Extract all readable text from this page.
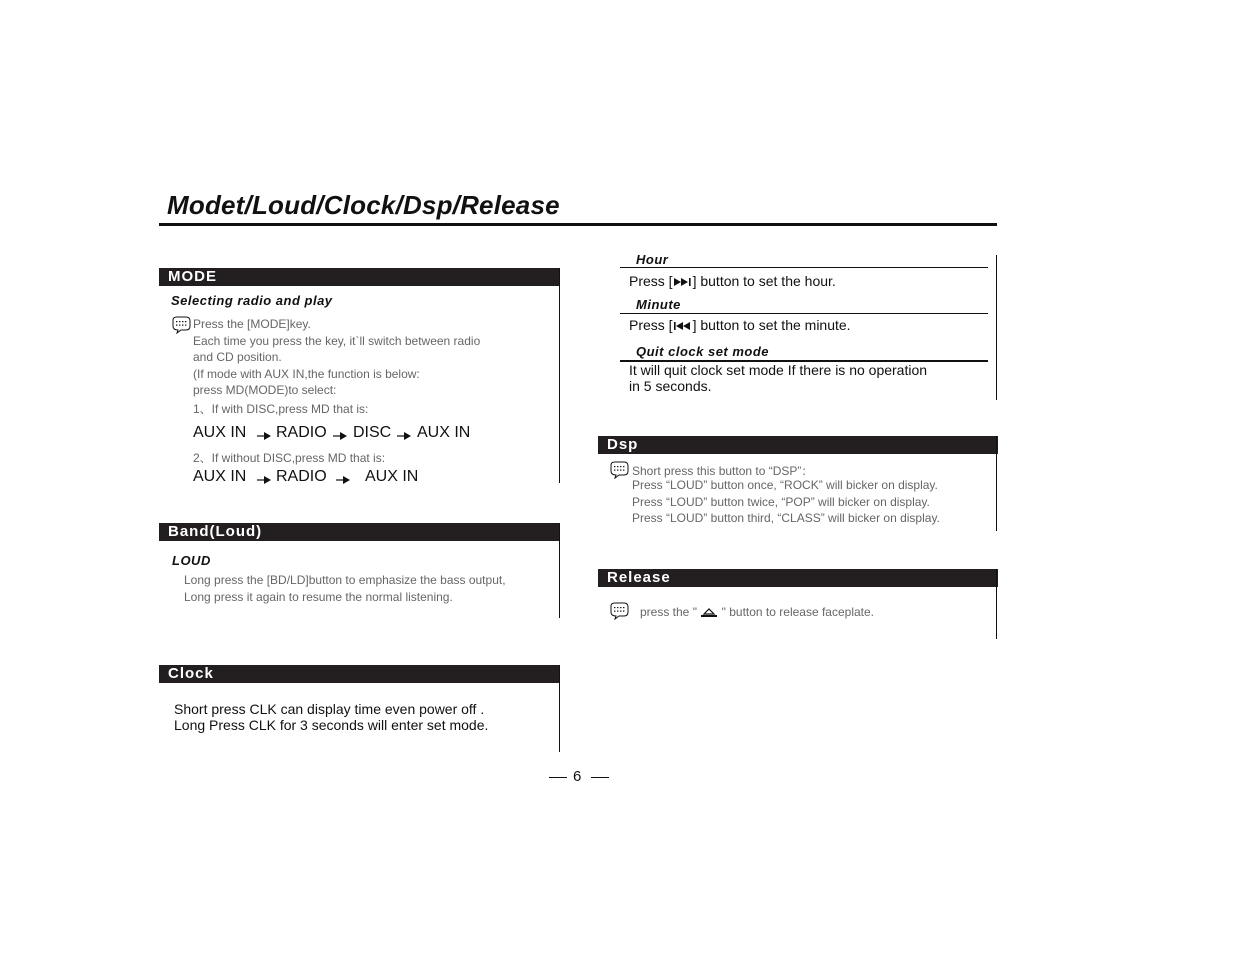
Modet/Loud/Clock/Dsp/Release
MODE
Selecting radio and play
Press the [MODE]key.
Each time you press the key, it`ll switch between radio
and CD position.
(If mode with AUX IN,the function is below:
press MD(MODE)to select:
1、If with DISC,press MD that is:
AUX IN RADIO DISC AUX IN
2、If without DISC,press MD that is:
AUX IN RADIO AUX IN
Band(Loud)
LOUD
Long press the [BD/LD]button to emphasize the bass output,
Long press it again to resume the normal listening.
Clock
Short press CLK can display time even power off .
Long Press CLK for 3 seconds will enter set mode.
Hour
Press [ ] button to set the hour.
Minute
Press [ ] button to set the minute.
Quit clock set mode
It will quit clock set mode If there is no operation
in 5 seconds.
Dsp
Short press this button to “DSP”：
Press “LOUD” button once, “ROCK” will bicker on display.
Press “LOUD” button twice, “POP” will bicker on display.
Press “LOUD” button third, “CLASS” will bicker on display.
Release
press the " " button to release faceplate.
6
